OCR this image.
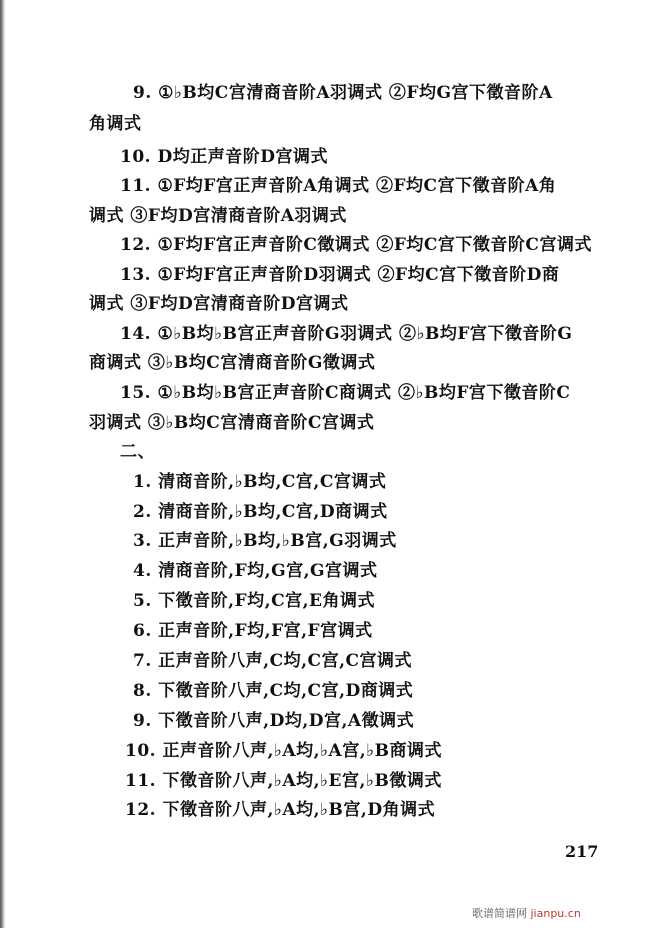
9. ①♭B均C宫清商音阶A羽调式 ②F均G宫下徵音阶A
角调式
10. D均正声音阶D宫调式
11. ①F均F宫正声音阶A角调式 ②F均C宫下徵音阶A角
调式 ③F均D宫清商音阶A羽调式
12. ①F均F宫正声音阶C徵调式 ②F均C宫下徵音阶C宫调式
13. ①F均F宫正声音阶D羽调式 ②F均C宫下徵音阶D商
调式 ③F均D宫清商音阶D宫调式
14. ①♭B均♭B宫正声音阶G羽调式 ②♭B均F宫下徵音阶G
商调式 ③♭B均C宫清商音阶G徵调式
15. ①♭B均♭B宫正声音阶C商调式 ②♭B均F宫下徵音阶C
羽调式 ③♭B均C宫清商音阶C宫调式
二、
1. 清商音阶,♭B均,C宫,C宫调式
2. 清商音阶,♭B均,C宫,D商调式
3. 正声音阶,♭B均,♭B宫,G羽调式
4. 清商音阶,F均,G宫,G宫调式
5. 下徵音阶,F均,C宫,E角调式
6. 正声音阶,F均,F宫,F宫调式
7. 正声音阶八声,C均,C宫,C宫调式
8. 下徵音阶八声,C均,C宫,D商调式
9. 下徵音阶八声,D均,D宫,A徵调式
10. 正声音阶八声,♭A均,♭A宫,♭B商调式
11. 下徵音阶八声,♭A均,♭E宫,♭B徵调式
12. 下徵音阶八声,♭A均,♭B宫,D角调式
217
歌谱简谱网 jianpu.cn
